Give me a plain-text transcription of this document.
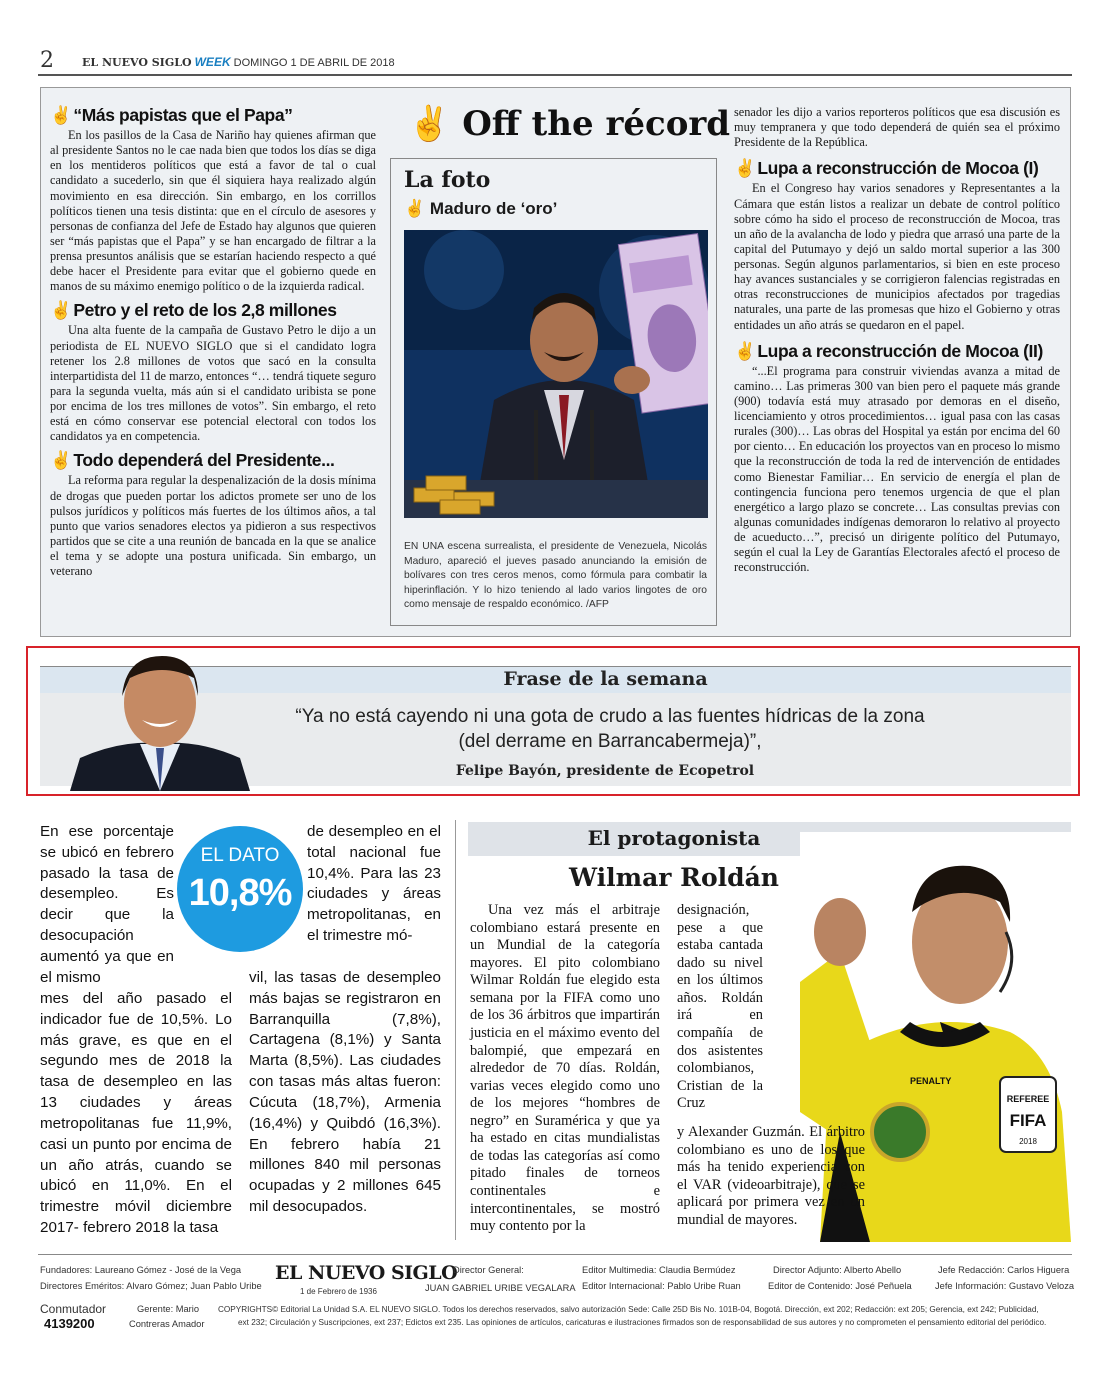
2	EL NUEVO SIGLO WEEK DOMINGO 1 DE ABRIL DE 2018
✌ “Más papistas que el Papa”

En los pasillos de la Casa de Nariño hay quienes afirman que al presidente Santos no le cae nada bien que todos los días se diga en los mentideros políticos que está a favor de tal o cual candidato a sucederlo, sin que él siquiera haya realizado algún movimiento en esa dirección. Sin embargo, en los corrillos políticos tienen una tesis distinta: que en el círculo de asesores y personas de confianza del Jefe de Estado hay algunos que quieren ser “más papistas que el Papa” y se han encargado de filtrar a la prensa presuntos análisis que se estarían haciendo respecto a qué debe hacer el Presidente para evitar que el gobierno quede en manos de su máximo enemigo político o de la izquierda radical.

✌ Petro y el reto de los 2,8 millones

Una alta fuente de la campaña de Gustavo Petro le dijo a un periodista de EL NUEVO SIGLO que si el candidato logra retener los 2.8 millones de votos que sacó en la consulta interpartidista del 11 de marzo, entonces “… tendrá tiquete seguro para la segunda vuelta, más aún si el candidato uribista se pone por encima de los tres millones de votos”. Sin embargo, el reto está en cómo conservar ese potencial electoral con todos los candidatos ya en competencia.

✌ Todo dependerá del Presidente...

La reforma para regular la despenalización de la dosis mínima de drogas que pueden portar los adictos promete ser uno de los pulsos jurídicos y políticos más fuertes de los últimos años, a tal punto que varios senadores electos ya pidieron a sus respectivos partidos que se cite a una reunión de bancada en la que se analice el tema y se adopte una postura unificada. Sin embargo, un veterano

✌ Off the récord
La foto
✌ Maduro de ‘oro’
EN UNA escena surrealista, el presidente de Venezuela, Nicolás Maduro, apareció el jueves pasado anunciando la emisión de bolívares con tres ceros menos, como fórmula para combatir la hiperinflación. Y lo hizo teniendo al lado varios lingotes de oro como mensaje de respaldo económico. /AFP

senador les dijo a varios reporteros políticos que esa discusión es muy tempranera y que todo dependerá de quién sea el próximo Presidente de la República.

✌ Lupa a reconstrucción de Mocoa (I)

En el Congreso hay varios senadores y Representantes a la Cámara que están listos a realizar un debate de control político sobre cómo ha sido el proceso de reconstrucción de Mocoa, tras un año de la avalancha de lodo y piedra que arrasó una parte de la capital del Putumayo y dejó un saldo mortal superior a las 300 personas. Según algunos parlamentarios, si bien en este proceso hay avances sustanciales y se corrigieron falencias registradas en otras reconstrucciones de municipios afectados por tragedias naturales, una parte de las promesas que hizo el Gobierno y otras entidades un año atrás se quedaron en el papel.

✌ Lupa a reconstrucción de Mocoa (II)

“...El programa para construir viviendas avanza a mitad de camino… Las primeras 300 van bien pero el paquete más grande (900) todavía está muy atrasado por demoras en el diseño, licenciamiento y otros procedimientos… igual pasa con las casas rurales (300)… Las obras del Hospital ya están por encima del 60 por ciento… En educación los proyectos van en proceso lo mismo que la reconstrucción de toda la red de intervención de entidades como Bienestar Familiar… En servicio de energía el plan de contingencia funciona pero tenemos urgencia de que el plan energético a largo plazo se concrete… Las consultas previas con algunas comunidades indígenas demoraron lo relativo al proyecto de acueducto…”, precisó un dirigente político del Putumayo, según el cual la Ley de Garantías Electorales afectó el proceso de reconstrucción.

Frase de la semana
“Ya no está cayendo ni una gota de crudo a las fuentes hídricas de la zona
(del derrame en Barrancabermeja)”,
Felipe Bayón, presidente de Ecopetrol
En ese porcentaje se ubicó en febrero pasado la tasa de desempleo. Es decir que la desocupación aumentó ya que en el mismo
mes del año pasado el indicador fue de 10,5%. Lo más grave, es que en el segundo mes de 2018 la tasa de desempleo en las 13 ciudades y áreas metropolitanas fue 11,9%, casi un punto por encima de un año atrás, cuando se ubicó en 11,0%. En el trimestre móvil diciembre 2017- febrero 2018 la tasa
EL DATO
10,8%
de desempleo en el total nacional fue 10,4%. Para las 23 ciudades y áreas metropolitanas, en el trimestre mó-
vil, las tasas de desempleo más bajas se registraron en Barranquilla (7,8%), Cartagena (8,1%) y Santa Marta (8,5%). Las ciudades con tasas más altas fueron: Cúcuta (18,7%), Armenia (16,4%) y Quibdó (16,3%). En febrero había 21 millones 840 mil personas ocupadas y 2 millones 645 mil desocupados.
REFEREE
FIFA
2018
PENALTY
El protagonista
Wilmar Roldán

Una vez más el arbitraje colombiano estará presente en un Mundial de la categoría mayores. El pito colombiano Wilmar Roldán fue elegido esta semana por la FIFA como uno de los 36 árbitros que impartirán justicia en el máximo evento del balompié, que empezará en alrededor de 70 días. Roldán, varias veces elegido como uno de los mejores “hombres de negro” en Suramérica y que ya ha estado en citas mundialistas de todas las categorías así como pitado finales de torneos continentales e intercontinentales, se mostró muy contento por la

designación, pese a que estaba cantada dado su nivel en los últimos años. Roldán irá en compañía de dos asistentes colombianos, Cristian de la Cruz

y Alexander Guzmán. El árbitro colombiano es uno de los que más ha tenido experiencia con el VAR (videoarbitraje), que se aplicará por primera vez en un mundial de mayores.

Fundadores: Laureano Gómez - José de la Vega
Directores Eméritos: Alvaro Gómez; Juan Pablo Uribe
EL NUEVO SIGLO
1 de Febrero de 1936
Director General:
JUAN GABRIEL URIBE VEGALARA
Editor Multimedia: Claudia Bermúdez
Editor Internacional: Pablo Uribe Ruan
Director Adjunto: Alberto Abello
Editor de Contenido: José Peñuela
Jefe Redacción: Carlos Higuera
Jefe Información: Gustavo Veloza
Conmutador
4139200
Gerente: Mario
Contreras Amador
COPYRIGHTS© Editorial La Unidad S.A. EL NUEVO SIGLO. Todos los derechos reservados, salvo autorización Sede: Calle 25D Bis No. 101B-04, Bogotá. Dirección, ext 202; Redacción: ext 205; Gerencia, ext 242; Publicidad,
ext 232; Circulación y Suscripciones, ext 237; Edictos ext 235. Las opiniones de artículos, caricaturas e ilustraciones firmados son de responsabilidad de sus autores y no comprometen el pensamiento editorial del periódico.
